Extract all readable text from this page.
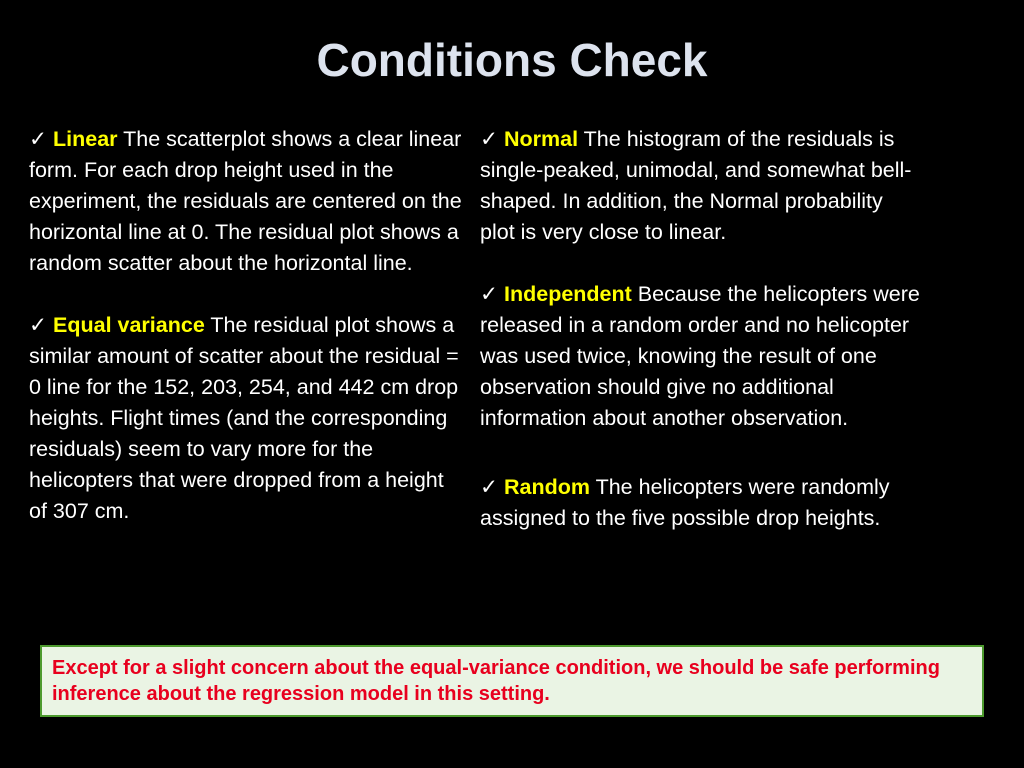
Conditions Check

✓ Linear The scatterplot shows a clear linear form. For each drop height used in the experiment, the residuals are centered on the horizontal line at 0. The residual plot shows a random scatter about the horizontal line.

✓ Equal variance The residual plot shows a similar amount of scatter about the residual = 0 line for the 152, 203, 254, and 442 cm drop heights. Flight times (and the corresponding residuals) seem to vary more for the helicopters that were dropped from a height of 307 cm.

✓ Normal The histogram of the residuals is single-peaked, unimodal, and somewhat bell-shaped. In addition, the Normal probability plot is very close to linear.

✓ Independent Because the helicopters were released in a random order and no helicopter was used twice, knowing the result of one observation should give no additional information about another observation.

✓ Random The helicopters were randomly assigned to the five possible drop heights.

Except for a slight concern about the equal-variance condition, we should be safe performing inference about the regression model in this setting.
